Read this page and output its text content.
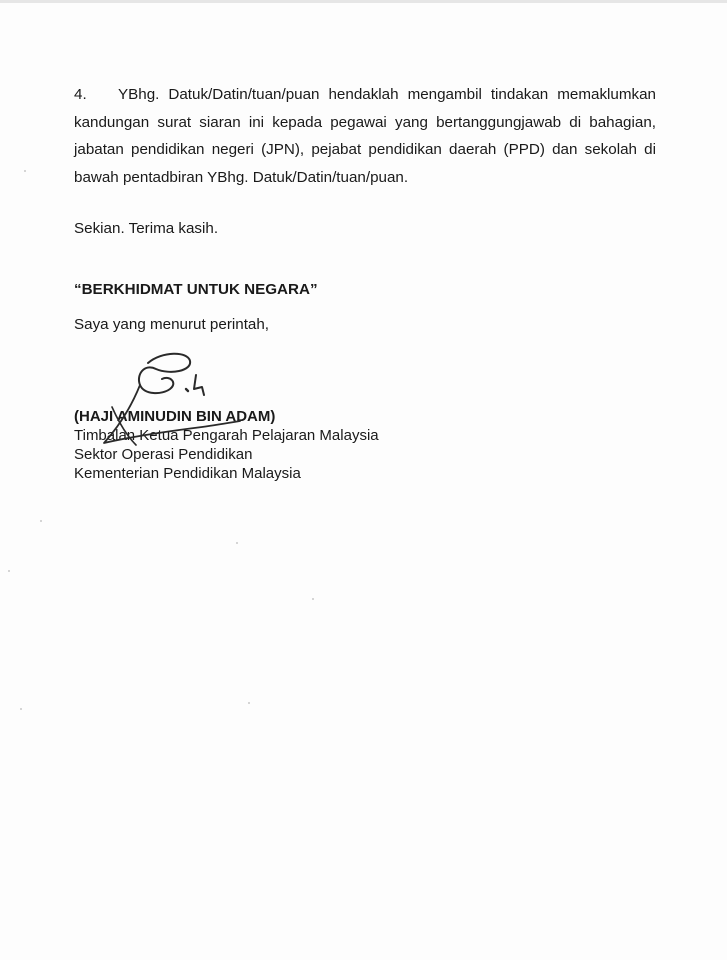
4. YBhg. Datuk/Datin/tuan/puan hendaklah mengambil tindakan memaklumkan kandungan surat siaran ini kepada pegawai yang bertanggungjawab di bahagian, jabatan pendidikan negeri (JPN), pejabat pendidikan daerah (PPD) dan sekolah di bawah pentadbiran YBhg. Datuk/Datin/tuan/puan.

Sekian. Terima kasih.

“BERKHIDMAT UNTUK NEGARA”

Saya yang menurut perintah,

(HAJI AMINUDIN BIN ADAM)
Timbalan Ketua Pengarah Pelajaran Malaysia
Sektor Operasi Pendidikan
Kementerian Pendidikan Malaysia
